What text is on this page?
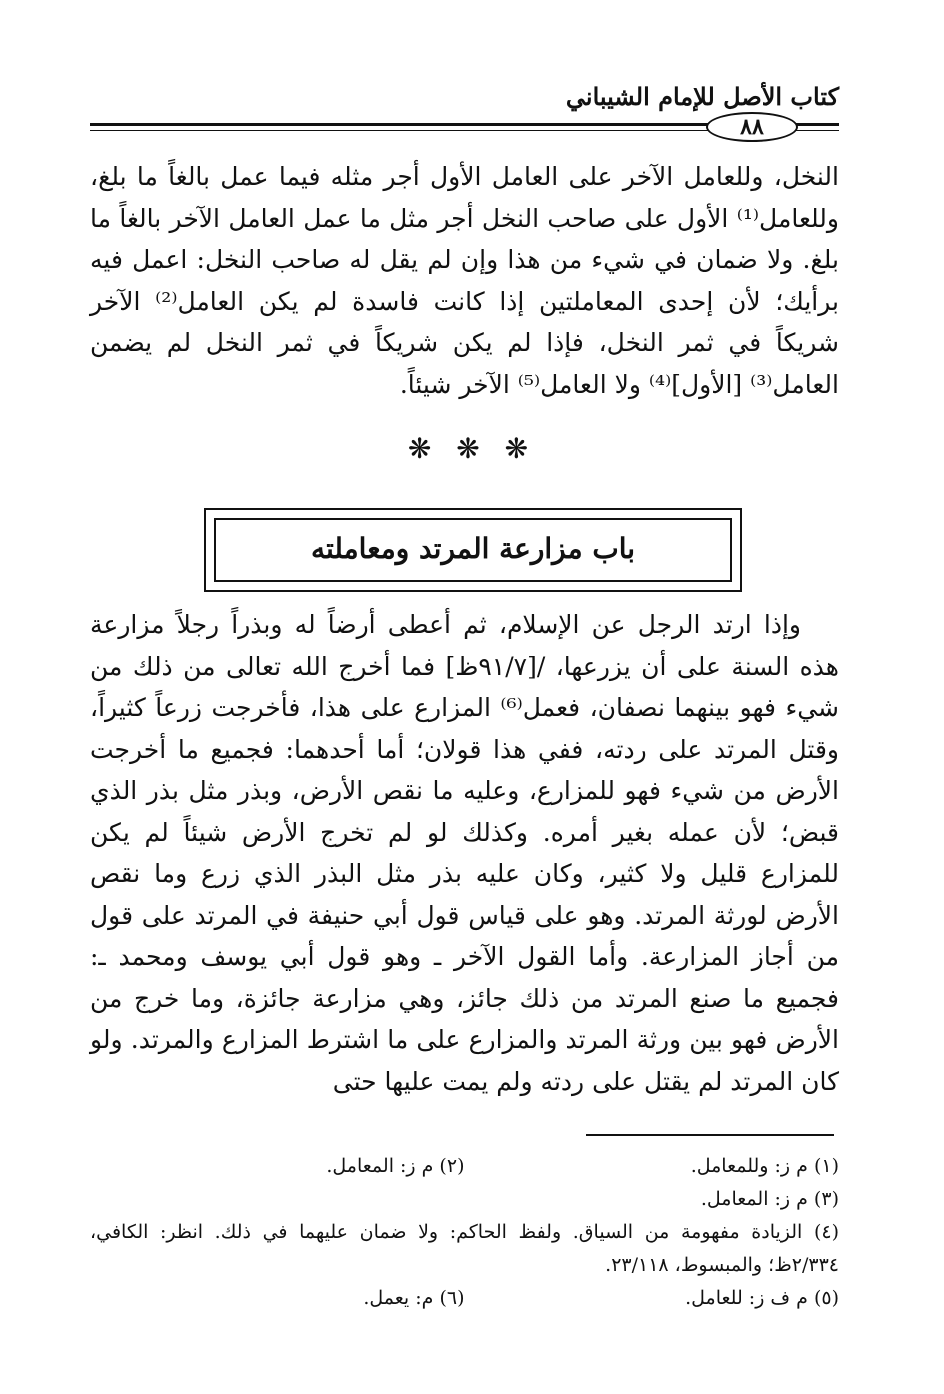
كتاب الأصل للإمام الشيباني
٨٨
النخل، وللعامل الآخر على العامل الأول أجر مثله فيما عمل بالغاً ما بلغ، وللعامل⁽¹⁾ الأول على صاحب النخل أجر مثل ما عمل العامل الآخر بالغاً ما بلغ. ولا ضمان في شيء من هذا وإن لم يقل له صاحب النخل: اعمل فيه برأيك؛ لأن إحدى المعاملتين إذا كانت فاسدة لم يكن العامل⁽²⁾ الآخر شريكاً في ثمر النخل، فإذا لم يكن شريكاً في ثمر النخل لم يضمن العامل⁽³⁾ [الأول]⁽⁴⁾ ولا العامل⁽⁵⁾ الآخر شيئاً.
❋ ❋ ❋
باب مزارعة المرتد ومعاملته
وإذا ارتد الرجل عن الإسلام، ثم أعطى أرضاً له وبذراً رجلاً مزارعة هذه السنة على أن يزرعها، /[٩١/٧ظ] فما أخرج الله تعالى من ذلك من شيء فهو بينهما نصفان، فعمل⁽⁶⁾ المزارع على هذا، فأخرجت زرعاً كثيراً، وقتل المرتد على ردته، ففي هذا قولان؛ أما أحدهما: فجميع ما أخرجت الأرض من شيء فهو للمزارع، وعليه ما نقص الأرض، وبذر مثل بذر الذي قبض؛ لأن عمله بغير أمره. وكذلك لو لم تخرج الأرض شيئاً لم يكن للمزارع قليل ولا كثير، وكان عليه بذر مثل البذر الذي زرع وما نقص الأرض لورثة المرتد. وهو على قياس قول أبي حنيفة في المرتد على قول من أجاز المزارعة. وأما القول الآخر ـ وهو قول أبي يوسف ومحمد ـ: فجميع ما صنع المرتد من ذلك جائز، وهي مزارعة جائزة، وما خرج من الأرض فهو بين ورثة المرتد والمزارع على ما اشترط المزارع والمرتد. ولو كان المرتد لم يقتل على ردته ولم يمت عليها حتى
(١) م ز: وللمعامل.
(٢) م ز: المعامل.
(٣) م ز: المعامل.
(٤) الزيادة مفهومة من السياق. ولفظ الحاكم: ولا ضمان عليهما في ذلك. انظر: الكافي، ٢/٣٣٤ظ؛ والمبسوط، ٢٣/١١٨.
(٥) م ف ز: للعامل.
(٦) م: يعمل.
